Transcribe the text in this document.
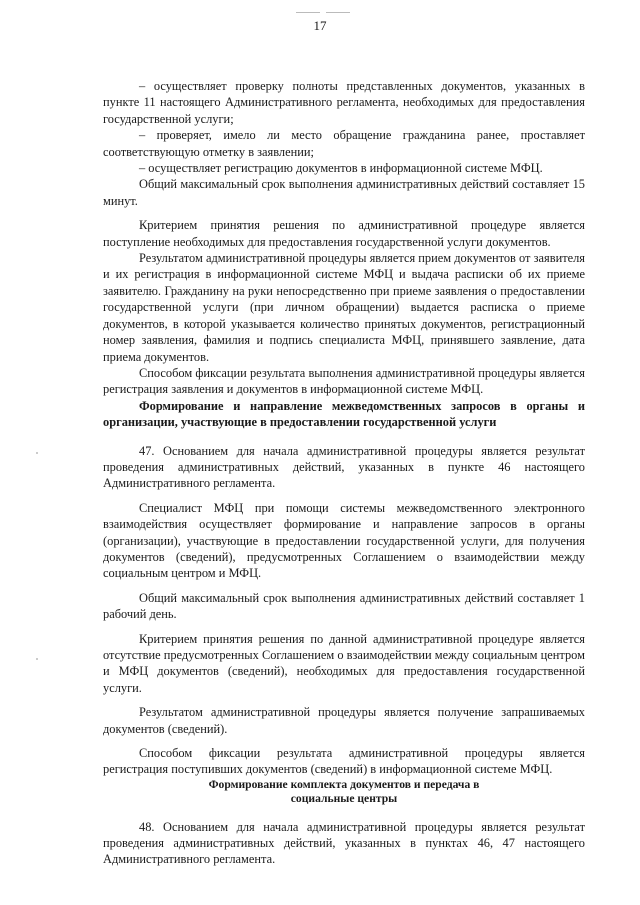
17

– осуществляет проверку полноты представленных документов, указанных в пункте 11 настоящего Административного регламента, необходимых для предоставления государственной услуги;

– проверяет, имело ли место обращение гражданина ранее, проставляет соответствующую отметку в заявлении;

– осуществляет регистрацию документов в информационной системе МФЦ.

Общий максимальный срок выполнения административных действий составляет 15 минут.

Критерием принятия решения по административной процедуре является поступление необходимых для предоставления государственной услуги документов.

Результатом административной процедуры является прием документов от заявителя и их регистрация в информационной системе МФЦ и выдача расписки об их приеме заявителю. Гражданину на руки непосредственно при приеме заявления о предоставлении государственной услуги (при личном обращении) выдается расписка о приеме документов, в которой указывается количество принятых документов, регистрационный номер заявления, фамилия и подпись специалиста МФЦ, принявшего заявление, дата приема документов.

Способом фиксации результата выполнения административной процедуры является регистрация заявления и документов в информационной системе МФЦ.

Формирование и направление межведомственных запросов в органы и организации, участвующие в предоставлении государственной услуги

47. Основанием для начала административной процедуры является результат проведения административных действий, указанных в пункте 46 настоящего Административного регламента.

Специалист МФЦ при помощи системы межведомственного электронного взаимодействия осуществляет формирование и направление запросов в органы (организации), участвующие в предоставлении государственной услуги, для получения документов (сведений), предусмотренных Соглашением о взаимодействии между социальным центром и МФЦ.

Общий максимальный срок выполнения административных действий составляет 1 рабочий день.

Критерием принятия решения по данной административной процедуре является отсутствие предусмотренных Соглашением о взаимодействии между социальным центром и МФЦ документов (сведений), необходимых для предоставления государственной услуги.

Результатом административной процедуры является получение запрашиваемых документов (сведений).

Способом фиксации результата административной процедуры является регистрация поступивших документов (сведений) в информационной системе МФЦ.

Формирование комплекта документов и передача в
социальные центры

48. Основанием для начала административной процедуры является результат проведения административных действий, указанных в пунктах 46, 47 настоящего Административного регламента.
